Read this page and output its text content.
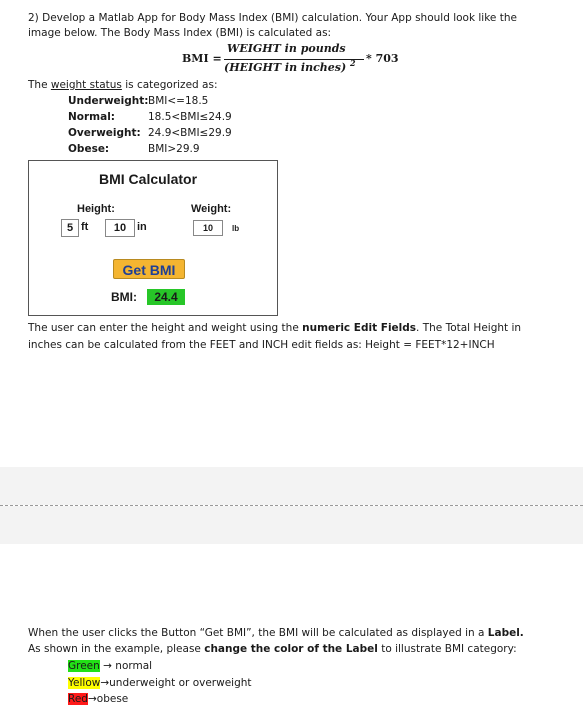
2) Develop a Matlab App for Body Mass Index (BMI) calculation. Your App should look like the
image below. The Body Mass Index (BMI) is calculated as:
BMI =
WEIGHT in pounds
(HEIGHT in inches) 2 * 703
The weight status is categorized as:
Underweight: BMI<=18.5
Normal:	18.5<BMI≤24.9
Overweight: 24.9<BMI≤29.9
Obese:	BMI>29.9
BMI Calculator
Height:
5 ft	10 in
Weight:
10	lb
Get BMI
BMI:	24.4
The user can enter the height and weight using the numeric Edit Fields. The Total Height in
inches can be calculated from the FEET and INCH edit fields as: Height = FEET*12+INCH
When the user clicks the Button “Get BMI”, the BMI will be calculated as displayed in a Label.
As shown in the example, please change the color of the Label to illustrate BMI category:
Green → normal
Yellow→underweight or overweight
Red→obese
